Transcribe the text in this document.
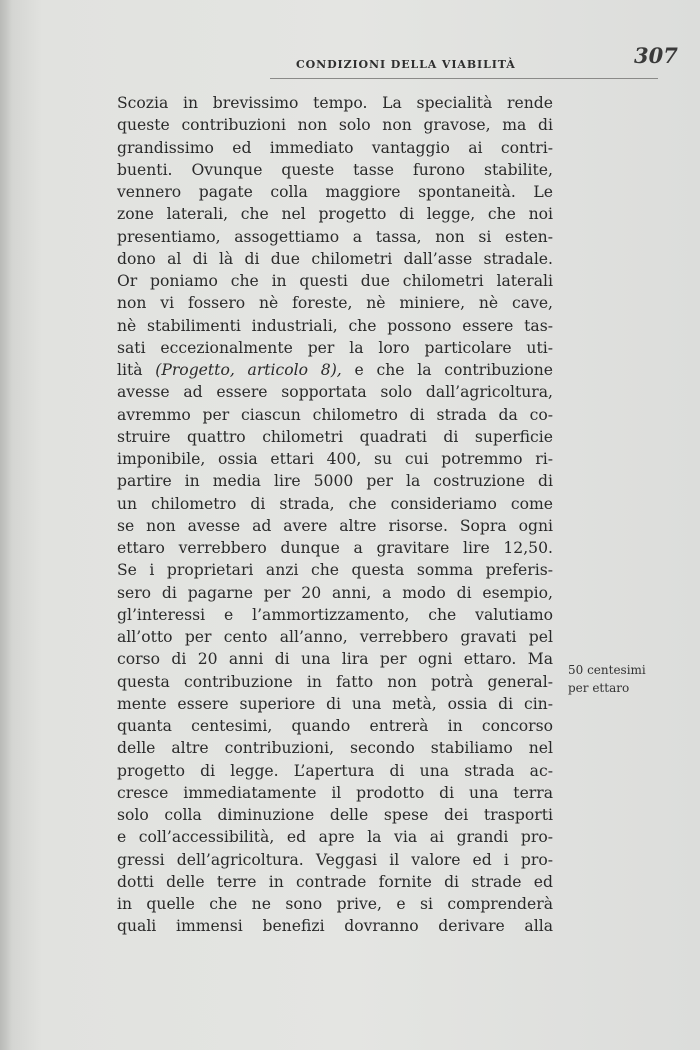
CONDIZIONI DELLA VIABILITÀ	307
Scozia in brevissimo tempo. La specialità rende
queste contribuzioni non solo non gravose, ma di
grandissimo ed immediato vantaggio ai contri-
buenti. Ovunque queste tasse furono stabilite,
vennero pagate colla maggiore spontaneità. Le
zone laterali, che nel progetto di legge, che noi
presentiamo, assogettiamo a tassa, non si esten-
dono al di là di due chilometri dall’asse stradale.
Or poniamo che in questi due chilometri laterali
non vi fossero nè foreste, nè miniere, nè cave,
nè stabilimenti industriali, che possono essere tas-
sati eccezionalmente per la loro particolare uti-
lità (Progetto, articolo 8), e che la contribuzione
avesse ad essere sopportata solo dall’agricoltura,
avremmo per ciascun chilometro di strada da co-
struire quattro chilometri quadrati di superficie
imponibile, ossia ettari 400, su cui potremmo ri-
partire in media lire 5000 per la costruzione di
un chilometro di strada, che consideriamo come
se non avesse ad avere altre risorse. Sopra ogni
ettaro verrebbero dunque a gravitare lire 12,50.
Se i proprietari anzi che questa somma preferis-
sero di pagarne per 20 anni, a modo di esempio,
gl’interessi e l’ammortizzamento, che valutiamo
all’otto per cento all’anno, verrebbero gravati pel
corso di 20 anni di una lira per ogni ettaro. Ma
questa contribuzione in fatto non potrà general-
mente essere superiore di una metà, ossia di cin-
quanta centesimi, quando entrerà in concorso
delle altre contribuzioni, secondo stabiliamo nel
progetto di legge. L’apertura di una strada ac-
cresce immediatamente il prodotto di una terra
solo colla diminuzione delle spese dei trasporti
e coll’accessibilità, ed apre la via ai grandi pro-
gressi dell’agricoltura. Veggasi il valore ed i pro-
dotti delle terre in contrade fornite di strade ed
in quelle che ne sono prive, e si comprenderà
quali immensi benefizi dovranno derivare alla
50 centesimi
per ettaro
